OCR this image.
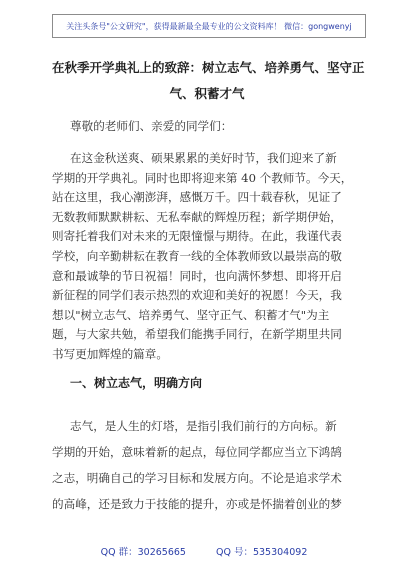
关注头条号"公文研究"，获得最新最全最专业的公文资料库！ 微信：gongwenyj
在秋季开学典礼上的致辞：树立志气、培养勇气、坚守正
气、积蓄才气
尊敬的老师们、亲爱的同学们：
在这金秋送爽、硕果累累的美好时节，我们迎来了新
学期的开学典礼。同时也即将迎来第 40 个教师节。今天，
站在这里，我心潮澎湃，感慨万千。四十载春秋，见证了
无数教师默默耕耘、无私奉献的辉煌历程；新学期伊始，
则寄托着我们对未来的无限憧憬与期待。在此，我谨代表
学校，向辛勤耕耘在教育一线的全体教师致以最崇高的敬
意和最诚挚的节日祝福！同时，也向满怀梦想、即将开启
新征程的同学们表示热烈的欢迎和美好的祝愿！今天，我
一、树立志气，明确方向
志气，是人生的灯塔，是指引我们前行的方向标。新
学期的开始，意味着新的起点，每位同学都应当立下鸿鹄
之志，明确自己的学习目标和发展方向。不论是追求学术
的高峰，还是致力于技能的提升，亦或是怀揣着创业的梦
QQ 群：30265665	QQ 号：535304092
想以"树立志气、培养勇气、坚守正气、积蓄才气"为主
题，与大家共勉，希望我们能携手同行，在新学期里共同
书写更加辉煌的篇章。
